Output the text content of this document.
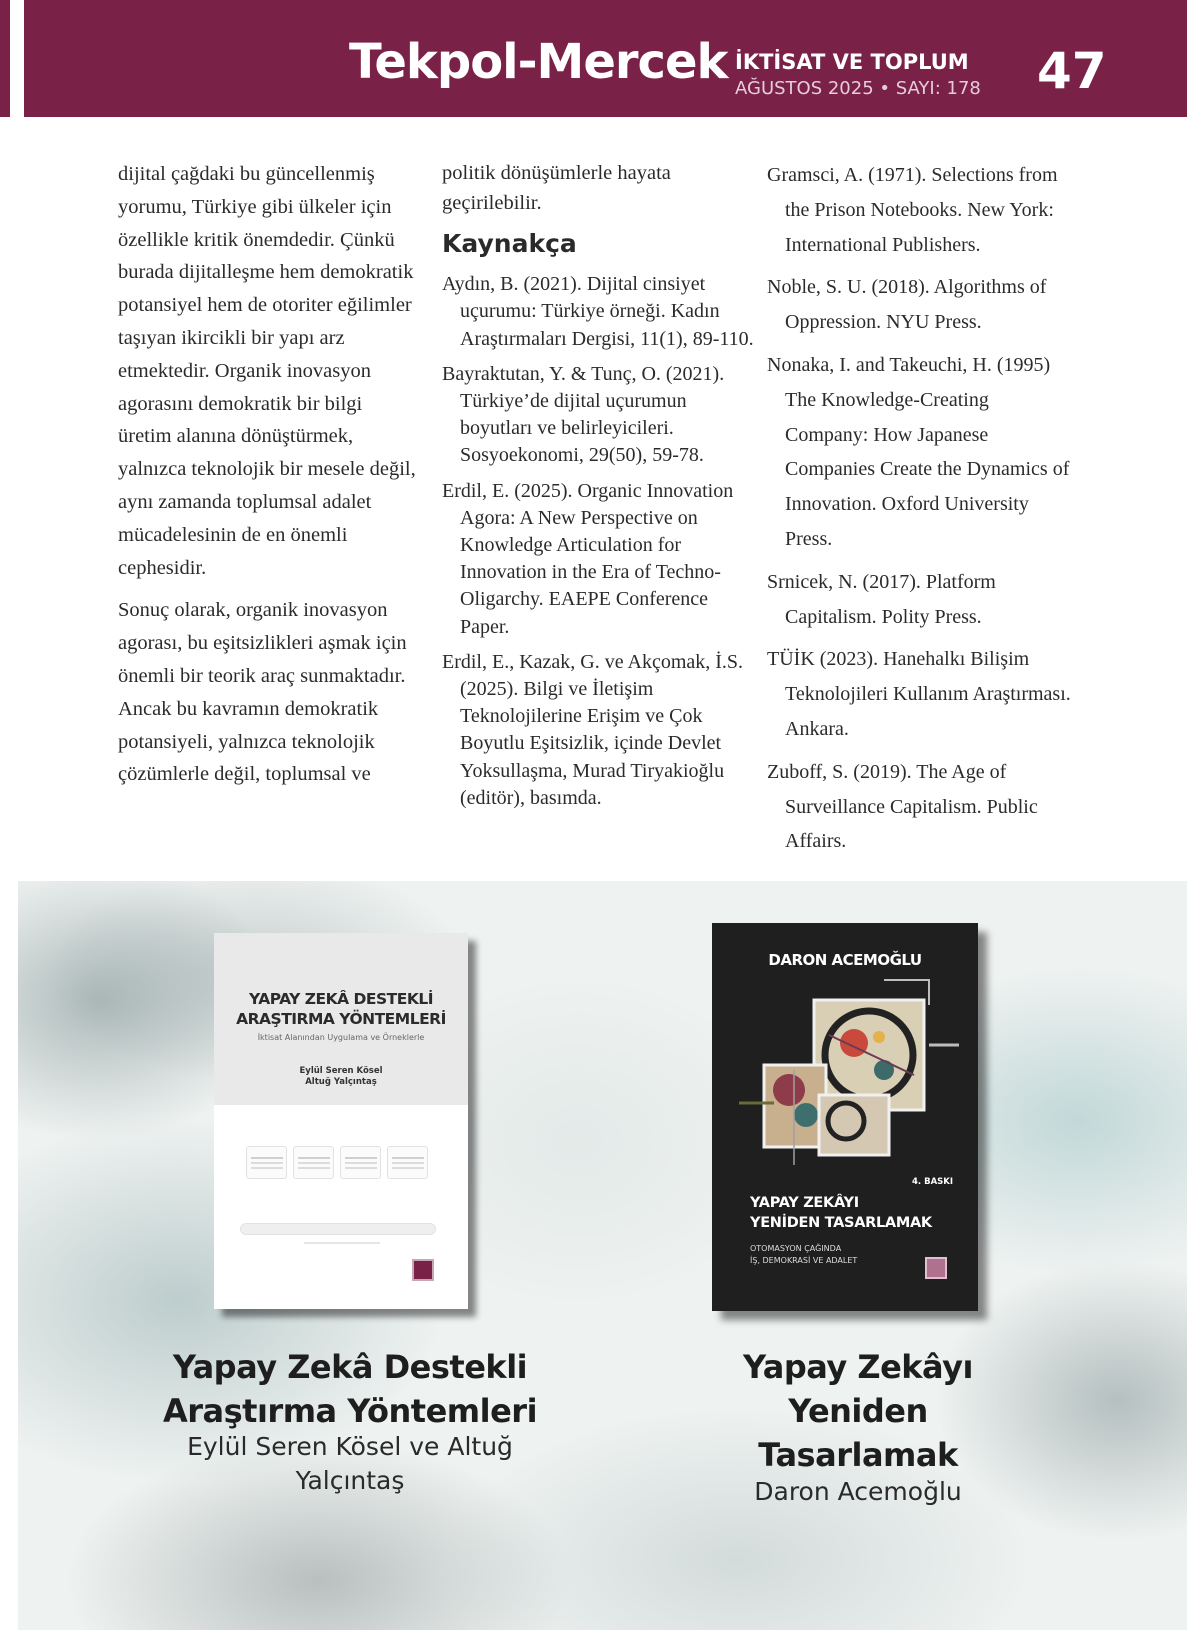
Tekpol-Mercek İKTİSAT VE TOPLUM
AĞUSTOS 2025 • SAYI: 178 47

dijital çağdaki bu güncellenmiş yorumu, Türkiye gibi ülkeler için özellikle kritik önemdedir. Çünkü burada dijitalleşme hem demokratik potansiyel hem de otoriter eğilimler taşıyan ikircikli bir yapı arz etmektedir. Organik inovasyon agorasını demokratik bir bilgi üretim alanına dönüştürmek, yalnızca teknolojik bir mesele değil, aynı zamanda toplumsal adalet mücadelesinin de en önemli cephesidir.

Sonuç olarak, organik inovasyon agorası, bu eşitsizlikleri aşmak için önemli bir teorik araç sunmaktadır. Ancak bu kavramın demokratik potansiyeli, yalnızca teknolojik çözümlerle değil, toplumsal ve

politik dönüşümlerle hayata geçirilebilir.

Kaynakça

Aydın, B. (2021). Dijital cinsiyet uçurumu: Türkiye örneği. Kadın Araştırmaları Dergisi, 11(1), 89-110.

Bayraktutan, Y. & Tunç, O. (2021). Türkiye’de dijital uçurumun boyutları ve belirleyicileri. Sosyoekonomi, 29(50), 59-78.

Erdil, E. (2025). Organic Innovation Agora: A New Perspective on Knowledge Articulation for Innovation in the Era of Techno-Oligarchy. EAEPE Conference Paper.

Erdil, E., Kazak, G. ve Akçomak, İ.S. (2025). Bilgi ve İletişim Teknolojilerine Erişim ve Çok Boyutlu Eşitsizlik, içinde Devlet Yoksullaşma, Murad Tiryakioğlu (editör), basımda.

Gramsci, A. (1971). Selections from the Prison Notebooks. New York: International Publishers.

Noble, S. U. (2018). Algorithms of Oppression. NYU Press.

Nonaka, I. and Takeuchi, H. (1995) The Knowledge-Creating Company: How Japanese Companies Create the Dynamics of Innovation. Oxford University Press.

Srnicek, N. (2017). Platform Capitalism. Polity Press.

TÜİK (2023). Hanehalkı Bilişim Teknolojileri Kullanım Araştırması. Ankara.

Zuboff, S. (2019). The Age of Surveillance Capitalism. Public Affairs.

YAPAY ZEKÂ DESTEKLİ
ARAŞTIRMA YÖNTEMLERİ
İktisat Alanından Uygulama ve Örneklerle
Eylül Seren Kösel
Altuğ Yalçıntaş
DARON ACEMOĞLU
4. BASKI
YAPAY ZEKÂYI
YENİDEN TASARLAMAK
OTOMASYON ÇAĞINDA
İŞ, DEMOKRASİ VE ADALET
Yapay Zekâ Destekli
Araştırma Yöntemleri
Eylül Seren Kösel ve Altuğ
Yalçıntaş
Yapay Zekâyı
Yeniden
Tasarlamak
Daron Acemoğlu
